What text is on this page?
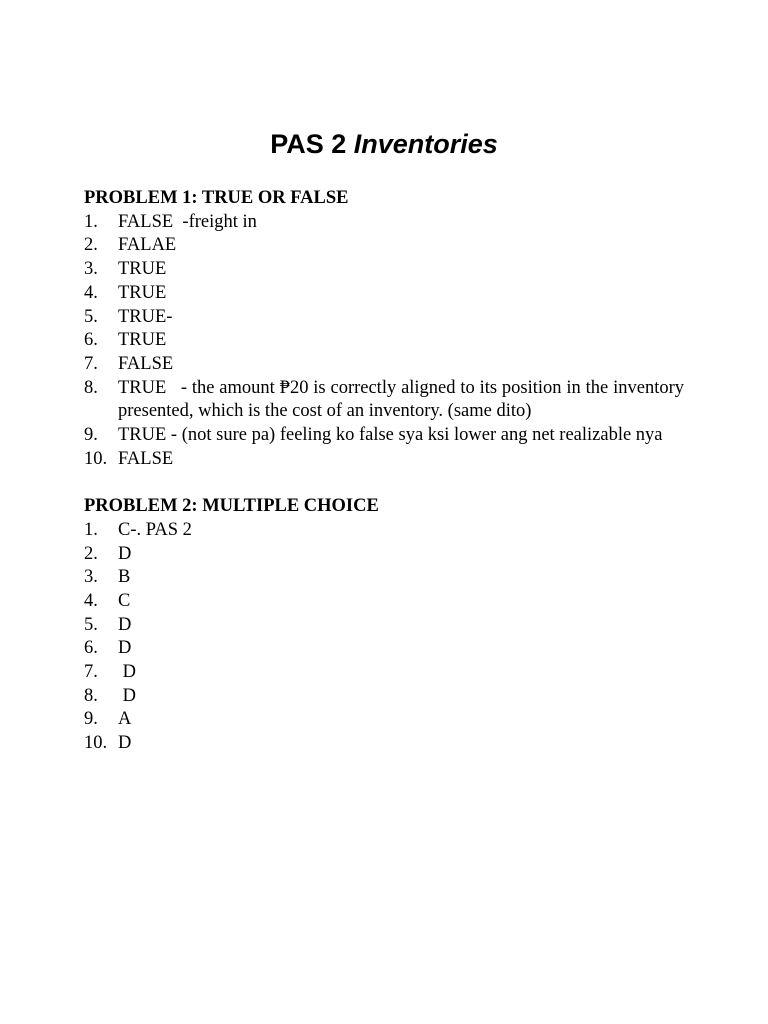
PAS 2 Inventories

PROBLEM 1: TRUE OR FALSE

1.	FALSE  -freight in
2.	FALAE
3.	TRUE
4.	TRUE
5.	TRUE-
6.	TRUE
7.	FALSE
8.	TRUE   - the amount ₱20 is correctly aligned to its position in the inventory presented, which is the cost of an inventory. (same dito)
9.	TRUE - (not sure pa) feeling ko false sya ksi lower ang net realizable nya
10. FALSE

PROBLEM 2: MULTIPLE CHOICE

1.	C-. PAS 2
2.	D
3.	B
4.	C
5.	D
6.	D
7.	D
8.	D
9.	A
10. D
